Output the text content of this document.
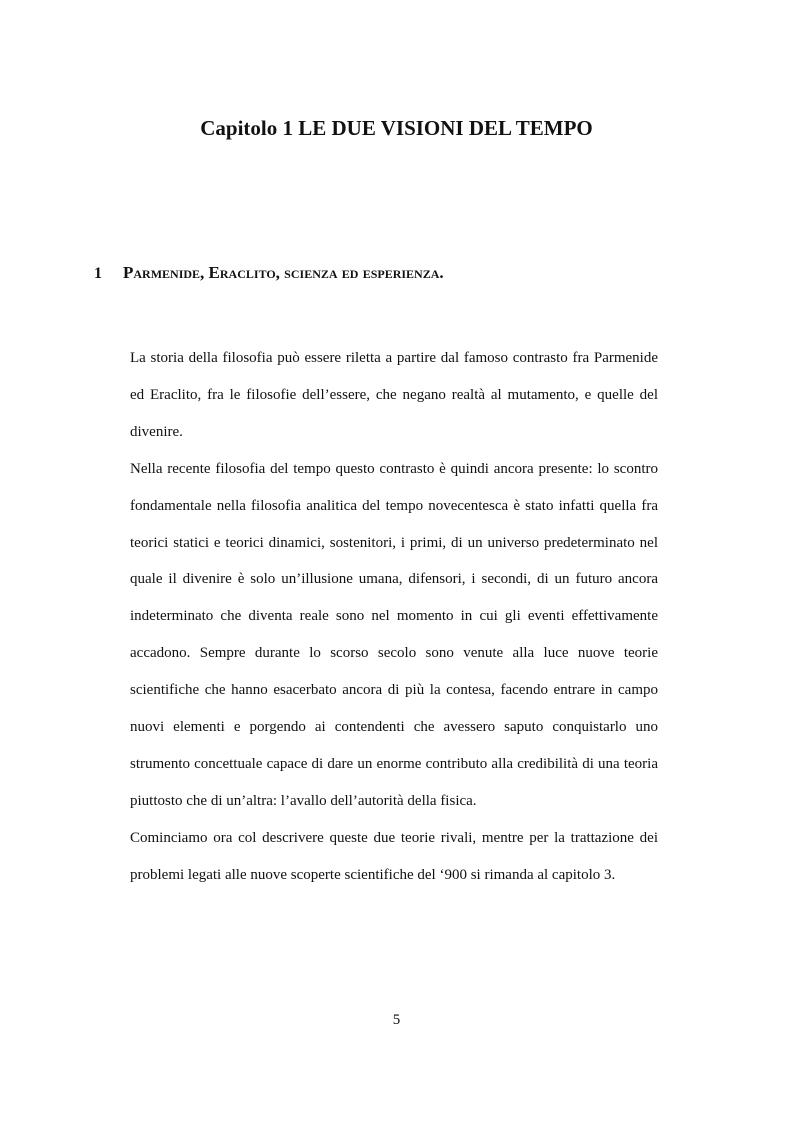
Capitolo 1 LE DUE VISIONI DEL TEMPO
1 Parmenide, Eraclito, scienza ed esperienza.

La storia della filosofia può essere riletta a partire dal famoso contrasto fra Parmenide ed Eraclito, fra le filosofie dell’essere, che negano realtà al mutamento, e quelle del divenire.

Nella recente filosofia del tempo questo contrasto è quindi ancora presente: lo scontro fondamentale nella filosofia analitica del tempo novecentesca è stato infatti quella fra teorici statici e teorici dinamici, sostenitori, i primi, di un universo predeterminato nel quale il divenire è solo un’illusione umana, difensori, i secondi, di un futuro ancora indeterminato che diventa reale sono nel momento in cui gli eventi effettivamente accadono. Sempre durante lo scorso secolo sono venute alla luce nuove teorie scientifiche che hanno esacerbato ancora di più la contesa, facendo entrare in campo nuovi elementi e porgendo ai contendenti che avessero saputo conquistarlo uno strumento concettuale capace di dare un enorme contributo alla credibilità di una teoria piuttosto che di un’altra: l’avallo dell’autorità della fisica.

Cominciamo ora col descrivere queste due teorie rivali, mentre per la trattazione dei problemi legati alle nuove scoperte scientifiche del ‘900 si rimanda al capitolo 3.

5
